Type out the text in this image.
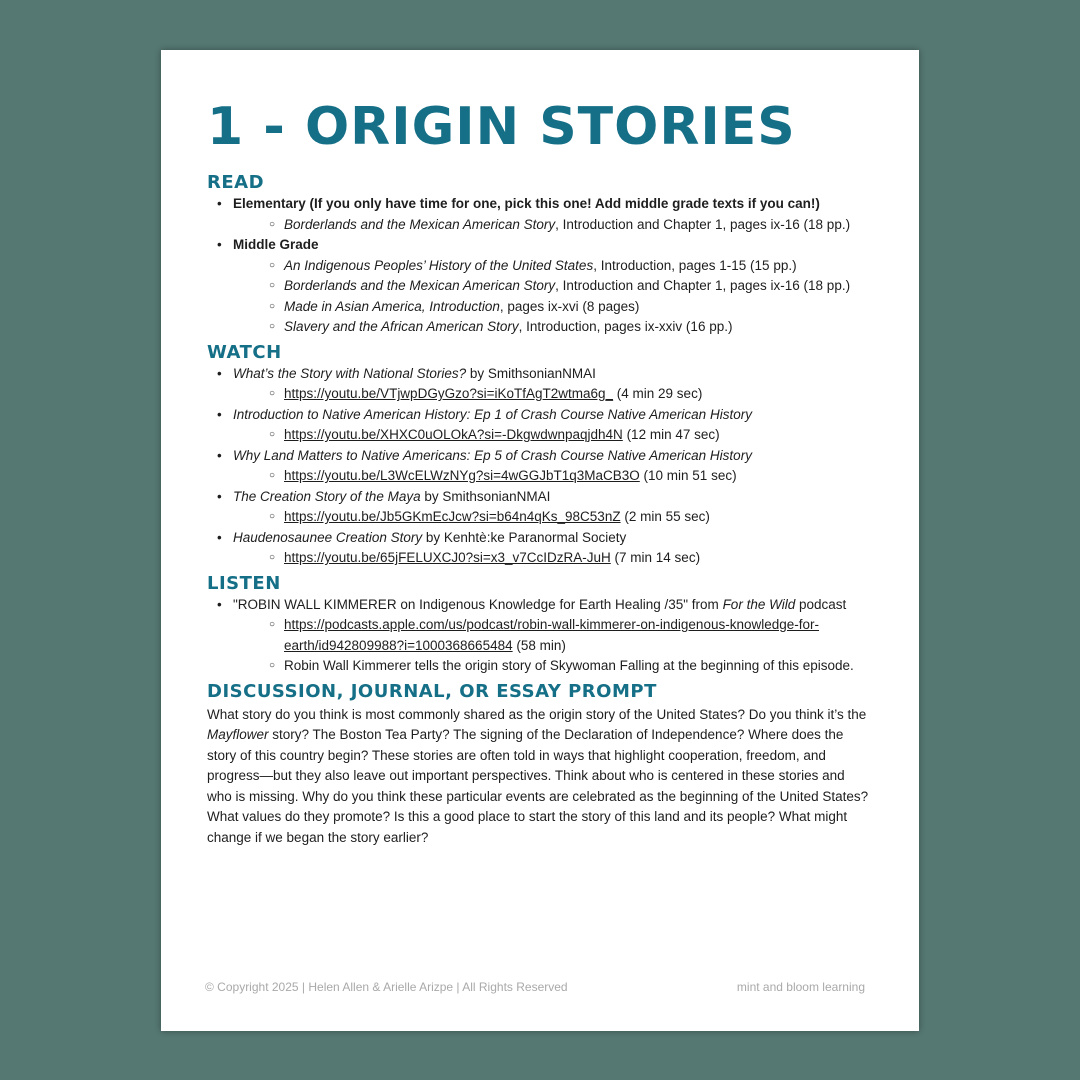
1 - ORIGIN STORIES
READ
• Elementary (If you only have time for one, pick this one! Add middle grade texts if you can!)
○ Borderlands and the Mexican American Story, Introduction and Chapter 1, pages ix-16 (18 pp.)
• Middle Grade
○ An Indigenous Peoples’ History of the United States, Introduction, pages 1-15 (15 pp.)
○ Borderlands and the Mexican American Story, Introduction and Chapter 1, pages ix-16 (18 pp.)
○ Made in Asian America, Introduction, pages ix-xvi (8 pages)
○ Slavery and the African American Story, Introduction, pages ix-xxiv (16 pp.)
WATCH
• What’s the Story with National Stories? by SmithsonianNMAI
○ https://youtu.be/VTjwpDGyGzo?si=iKoTfAgT2wtma6g_ (4 min 29 sec)
• Introduction to Native American History: Ep 1 of Crash Course Native American History
○ https://youtu.be/XHXC0uOLOkA?si=-Dkgwdwnpaqjdh4N (12 min 47 sec)
• Why Land Matters to Native Americans: Ep 5 of Crash Course Native American History
○ https://youtu.be/L3WcELWzNYg?si=4wGGJbT1q3MaCB3O (10 min 51 sec)
• The Creation Story of the Maya by SmithsonianNMAI
○ https://youtu.be/Jb5GKmEcJcw?si=b64n4qKs_98C53nZ (2 min 55 sec)
• Haudenosaunee Creation Story by Kenhtè:ke Paranormal Society
○ https://youtu.be/65jFELUXCJ0?si=x3_v7CcIDzRA-JuH (7 min 14 sec)
LISTEN
• "ROBIN WALL KIMMERER on Indigenous Knowledge for Earth Healing /35" from For the Wild podcast
○ https://podcasts.apple.com/us/podcast/robin-wall-kimmerer-on-indigenous-knowledge-for-
earth/id942809988?i=1000368665484 (58 min)
○ Robin Wall Kimmerer tells the origin story of Skywoman Falling at the beginning of this episode.
DISCUSSION, JOURNAL, OR ESSAY PROMPT

What story do you think is most commonly shared as the origin story of the United States? Do you think it’s the Mayflower story? The Boston Tea Party? The signing of the Declaration of Independence? Where does the story of this country begin? These stories are often told in ways that highlight cooperation, freedom, and progress—but they also leave out important perspectives. Think about who is centered in these stories and who is missing. Why do you think these particular events are celebrated as the beginning of the United States? What values do they promote? Is this a good place to start the story of this land and its people? What might change if we began the story earlier?

© Copyright 2025 | Helen Allen & Arielle Arizpe | All Rights Reserved	mint and bloom learning
